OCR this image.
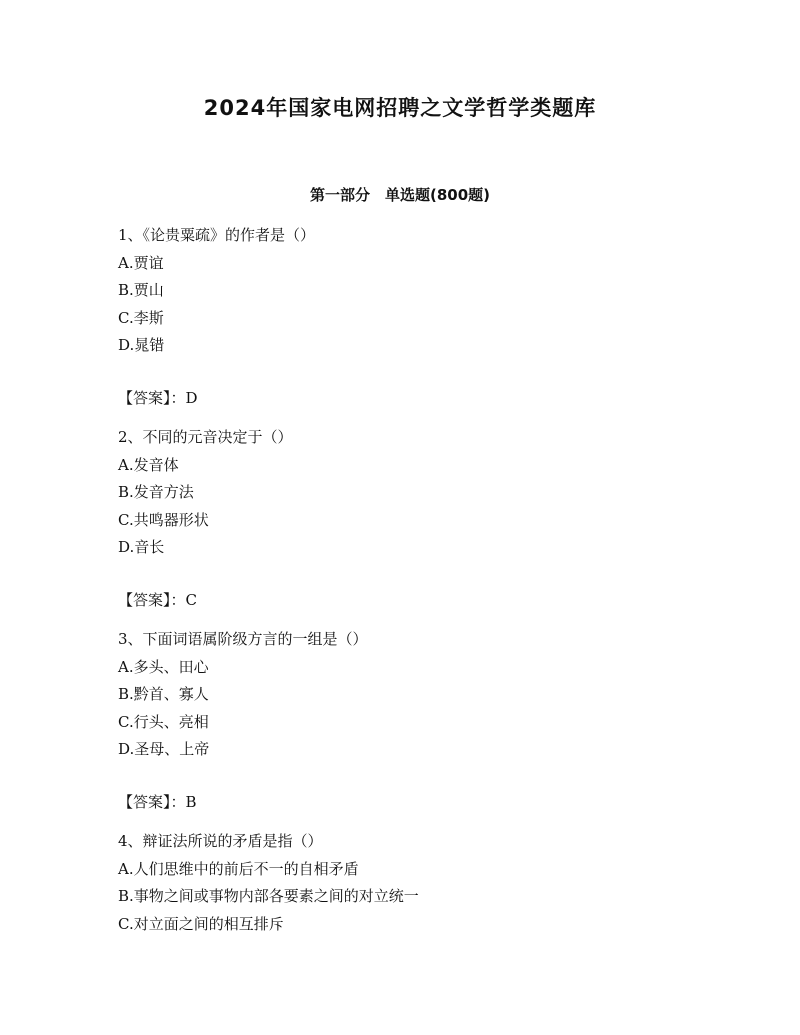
2024年国家电网招聘之文学哲学类题库
第一部分　单选题(800题)
1、《论贵粟疏》的作者是（）
A.贾谊
B.贾山
C.李斯
D.晁错
【答案】：D
2、不同的元音决定于（）
A.发音体
B.发音方法
C.共鸣器形状
D.音长
【答案】：C
3、下面词语属阶级方言的一组是（）
A.多头、田心
B.黔首、寡人
C.行头、亮相
D.圣母、上帝
【答案】：B
4、辩证法所说的矛盾是指（）
A.人们思维中的前后不一的自相矛盾
B.事物之间或事物内部各要素之间的对立统一
C.对立面之间的相互排斥
